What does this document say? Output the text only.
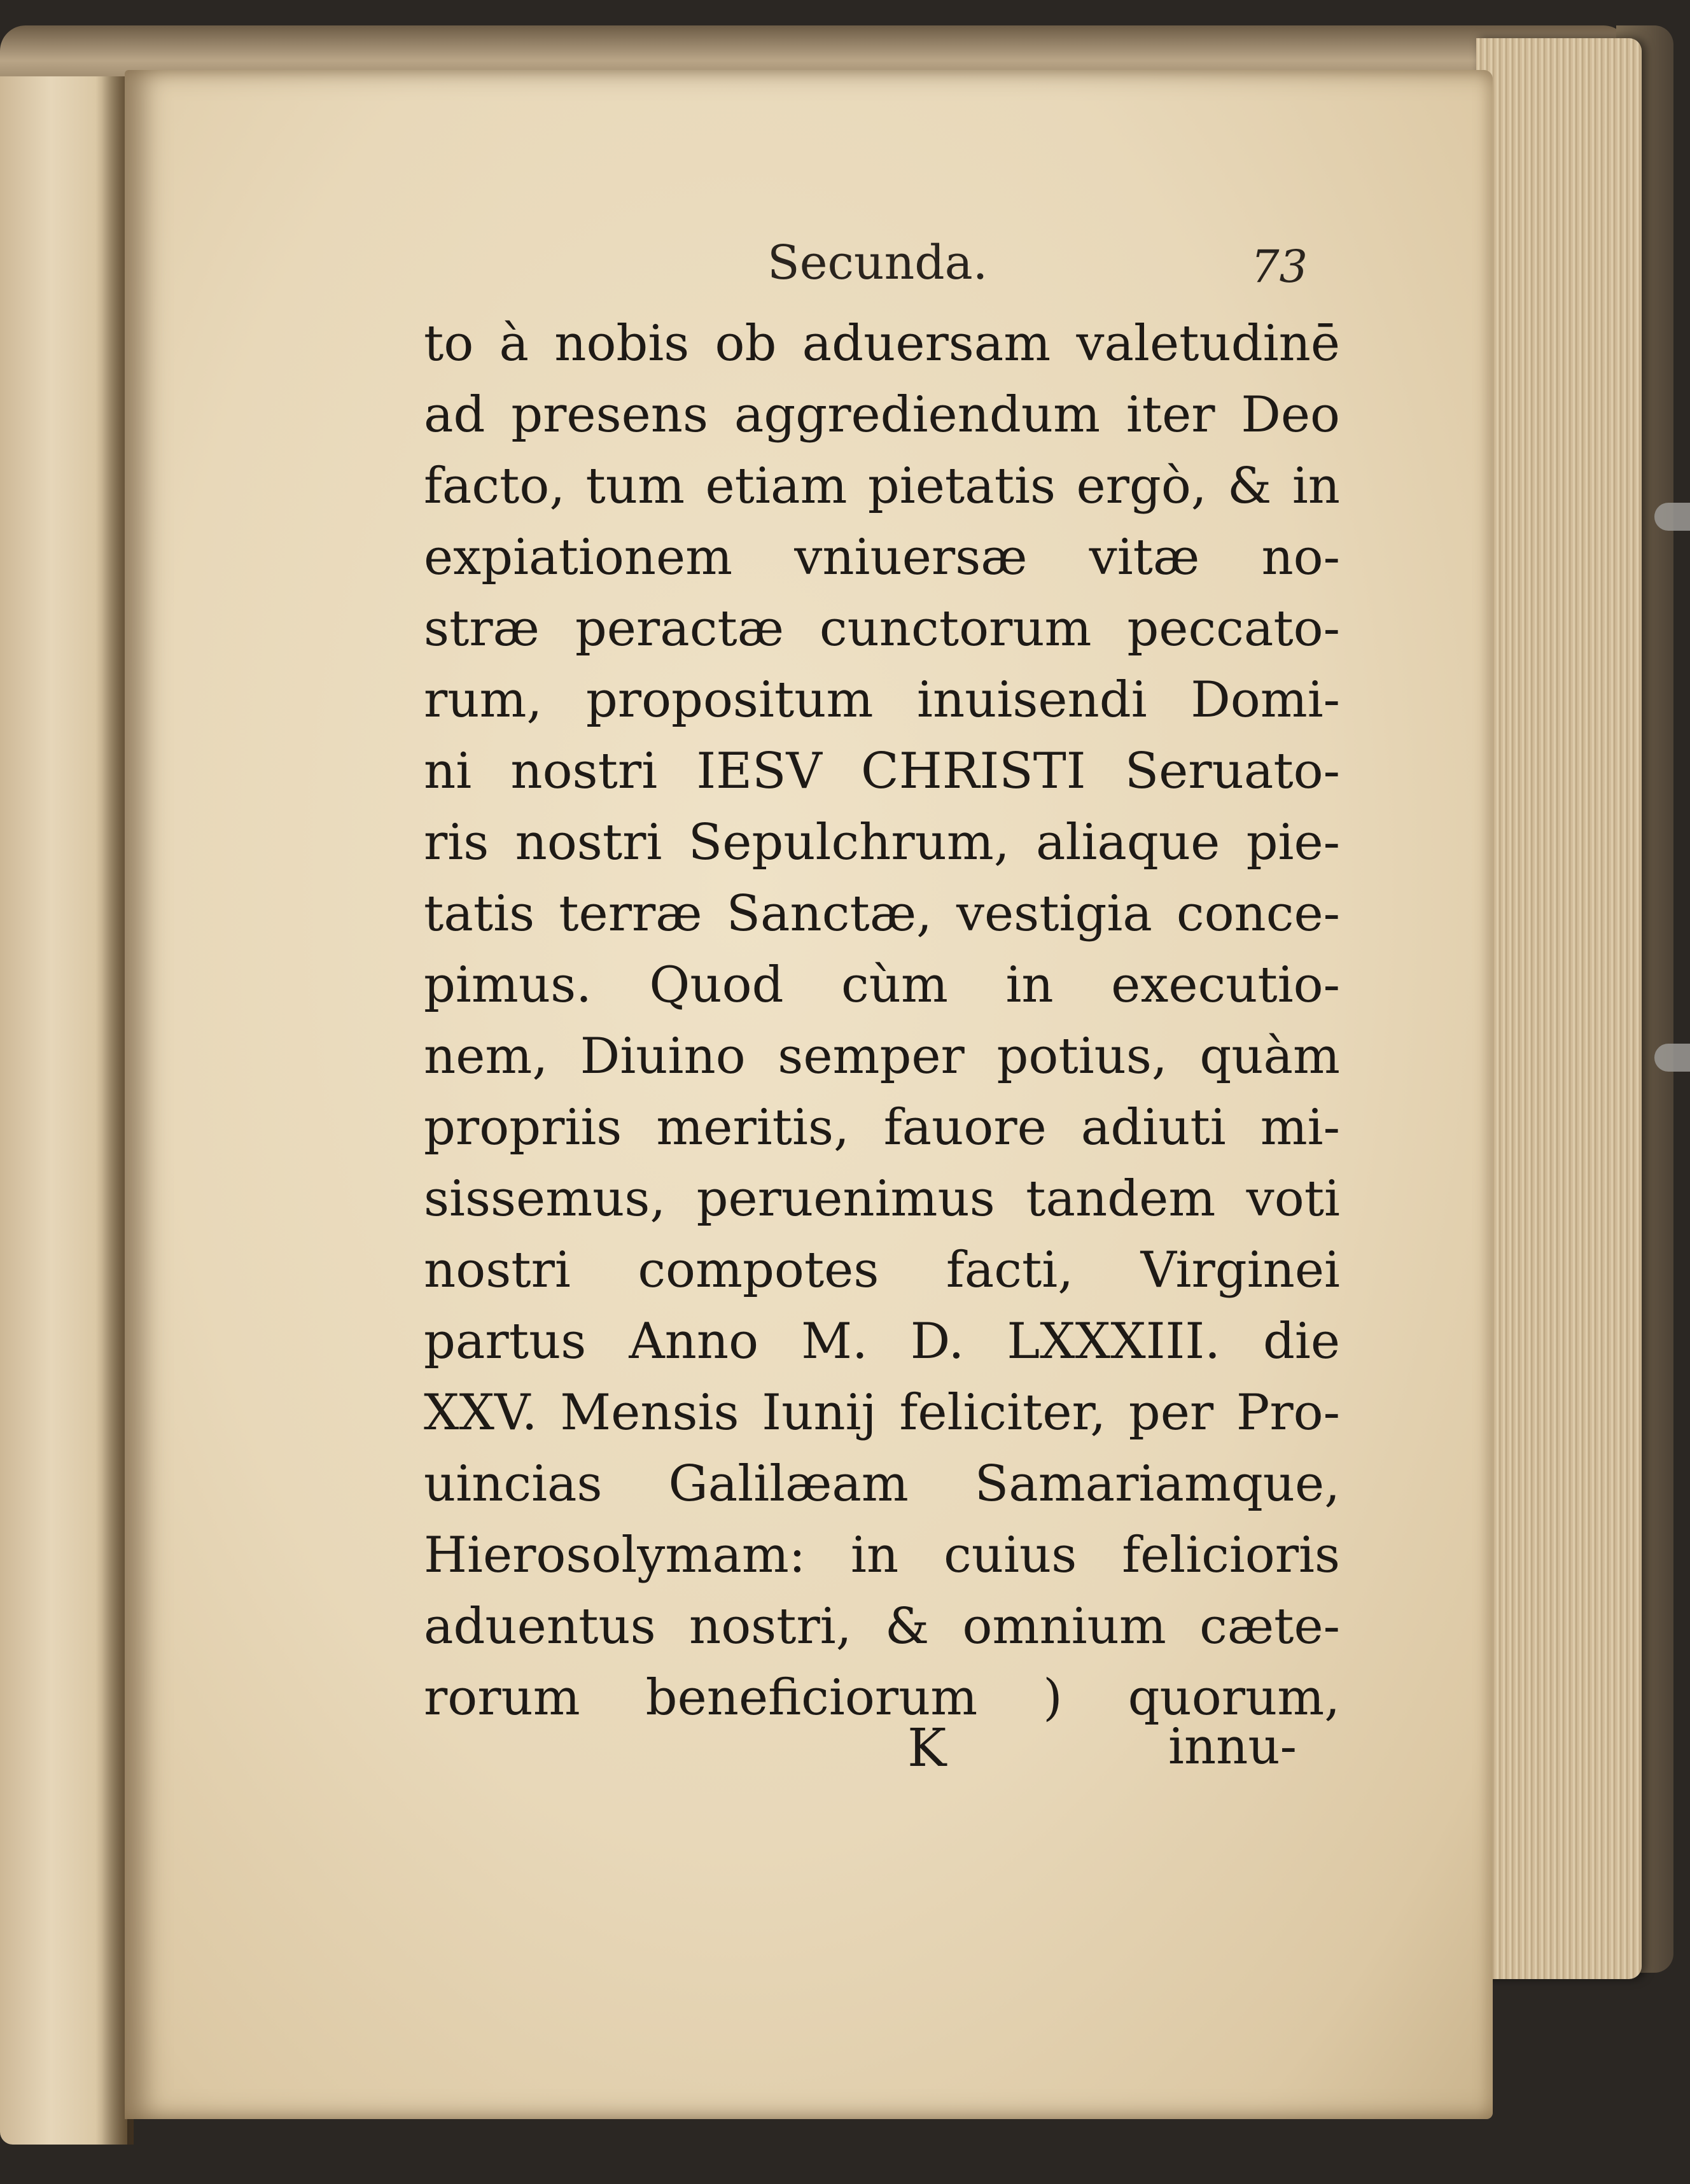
Secunda.	73
to à nobis ob aduersam valetudinē
ad presens aggrediendum iter Deo
facto, tum etiam pietatis ergò, & in
expiationem vniuersæ vitæ no-
stræ peractæ cunctorum peccato-
rum, propositum inuisendi Domi-
ni nostri IESV CHRISTI Seruato-
ris nostri Sepulchrum, aliaque pie-
tatis terræ Sanctæ, vestigia conce-
pimus. Quod cùm in executio-
nem, Diuino semper potius, quàm
propriis meritis, fauore adiuti mi-
sissemus, peruenimus tandem voti
nostri compotes facti, Virginei
partus Anno M. D. LXXXIII. die
XXV. Mensis Iunij feliciter, per Pro-
uincias Galilæam Samariamque,
Hierosolymam: in cuius felicioris
aduentus nostri, & omnium cæte-
rorum beneficiorum ) quorum,
K	innu-
